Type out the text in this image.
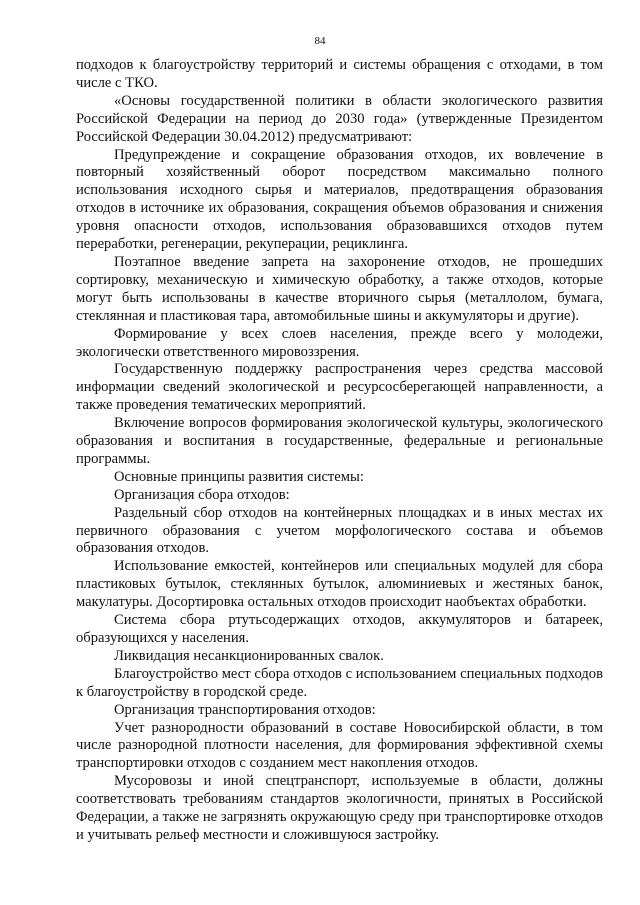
84

подходов к благоустройству территорий и системы обращения с отходами, в том числе с ТКО.

«Основы государственной политики в области экологического развития Российской Федерации на период до 2030 года» (утвержденные Президентом Российской Федерации 30.04.2012) предусматривают:

Предупреждение и сокращение образования отходов, их вовлечение в повторный хозяйственный оборот посредством максимально полного использования исходного сырья и материалов, предотвращения образования отходов в источнике их образования, сокращения объемов образования и снижения уровня опасности отходов, использования образовавшихся отходов путем переработки, регенерации, рекуперации, рециклинга.

Поэтапное введение запрета на захоронение отходов, не прошедших сортировку, механическую и химическую обработку, а также отходов, которые могут быть использованы в качестве вторичного сырья (металлолом, бумага, стеклянная и пластиковая тара, автомобильные шины и аккумуляторы и другие).

Формирование у всех слоев населения, прежде всего у молодежи, экологически ответственного мировоззрения.

Государственную поддержку распространения через средства массовой информации сведений экологической и ресурсосберегающей направленности, а также проведения тематических мероприятий.

Включение вопросов формирования экологической культуры, экологического образования и воспитания в государственные, федеральные и региональные программы.

Основные принципы развития системы:

Организация сбора отходов:

Раздельный сбор отходов на контейнерных площадках и в иных местах их первичного образования с учетом морфологического состава и объемов образования отходов.

Использование емкостей, контейнеров или специальных модулей для сбора пластиковых бутылок, стеклянных бутылок, алюминиевых и жестяных банок, макулатуры. Досортировка остальных отходов происходит наобъектах обработки.

Система сбора ртутьсодержащих отходов, аккумуляторов и батареек, образующихся у населения.

Ликвидация несанкционированных свалок.

Благоустройство мест сбора отходов с использованием специальных подходов к благоустройству в городской среде.

Организация транспортирования отходов:

Учет разнородности образований в составе Новосибирской области, в том числе разнородной плотности населения, для формирования эффективной схемы транспортировки отходов с созданием мест накопления отходов.

Мусоровозы и иной спецтранспорт, используемые в области, должны соответствовать требованиям стандартов экологичности, принятых в Российской Федерации, а также не загрязнять окружающую среду при транспортировке отходов и учитывать рельеф местности и сложившуюся застройку.
